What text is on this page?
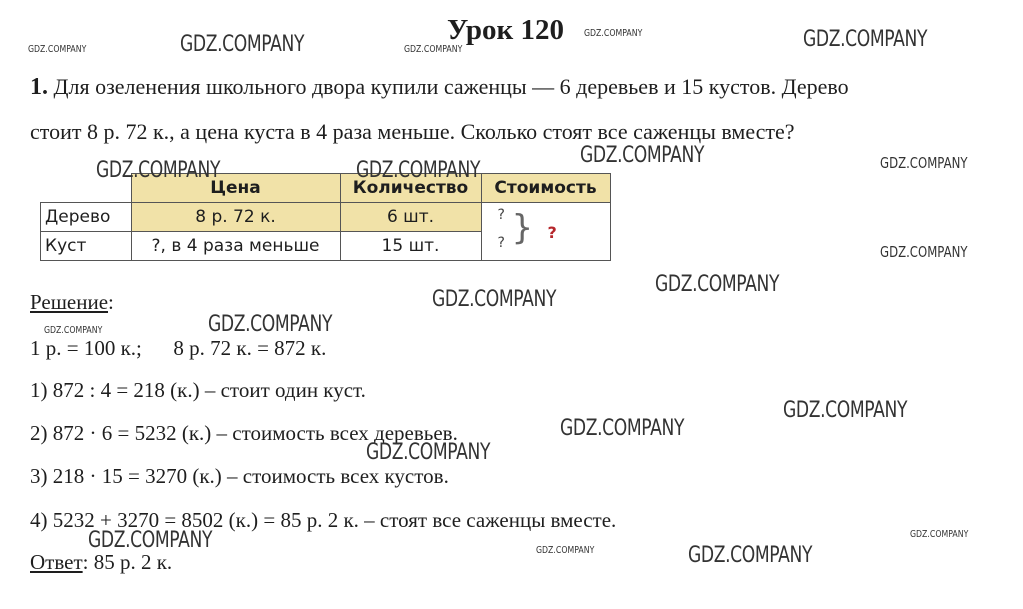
Урок 120
1. Для озеленения школьного двора купили саженцы — 6 деревьев и 15 кустов. Дерево
стоит 8 р. 72 к., а цена куста в 4 раза меньше. Сколько стоят все саженцы вместе?
	Цена	Количество	Стоимость
Дерево	8 р. 72 к.	6 шт.	?
? } ?

Куст	?, в 4 раза меньше	15 шт.	
Решение:
1 р. = 100 к.;      8 р. 72 к. = 872 к.
1) 872 : 4 = 218 (к.) – стоит один куст.
2) 872 · 6 = 5232 (к.) – стоимость всех деревьев.
3) 218 · 15 = 3270 (к.) – стоимость всех кустов.
4) 5232 + 3270 = 8502 (к.) = 85 р. 2 к. – стоят все саженцы вместе.
Ответ: 85 р. 2 к.
GDZ.COMPANY	GDZ.COMPANY	GDZ.COMPANY
GDZ.COMPANY	GDZ.COMPANY
GDZ.COMPANY	GDZ.COMPANY
GDZ.COMPANY	GDZ.COMPANY
GDZ.COMPANY
GDZ.COMPANY
GDZ.COMPANY
GDZ.COMPANY
GDZ.COMPANY
GDZ.COMPANY
GDZ.COMPANY
GDZ.COMPANY
GDZ.COMPANY	GDZ.COMPANY	GDZ.COMPANY
GDZ.COMPANY
